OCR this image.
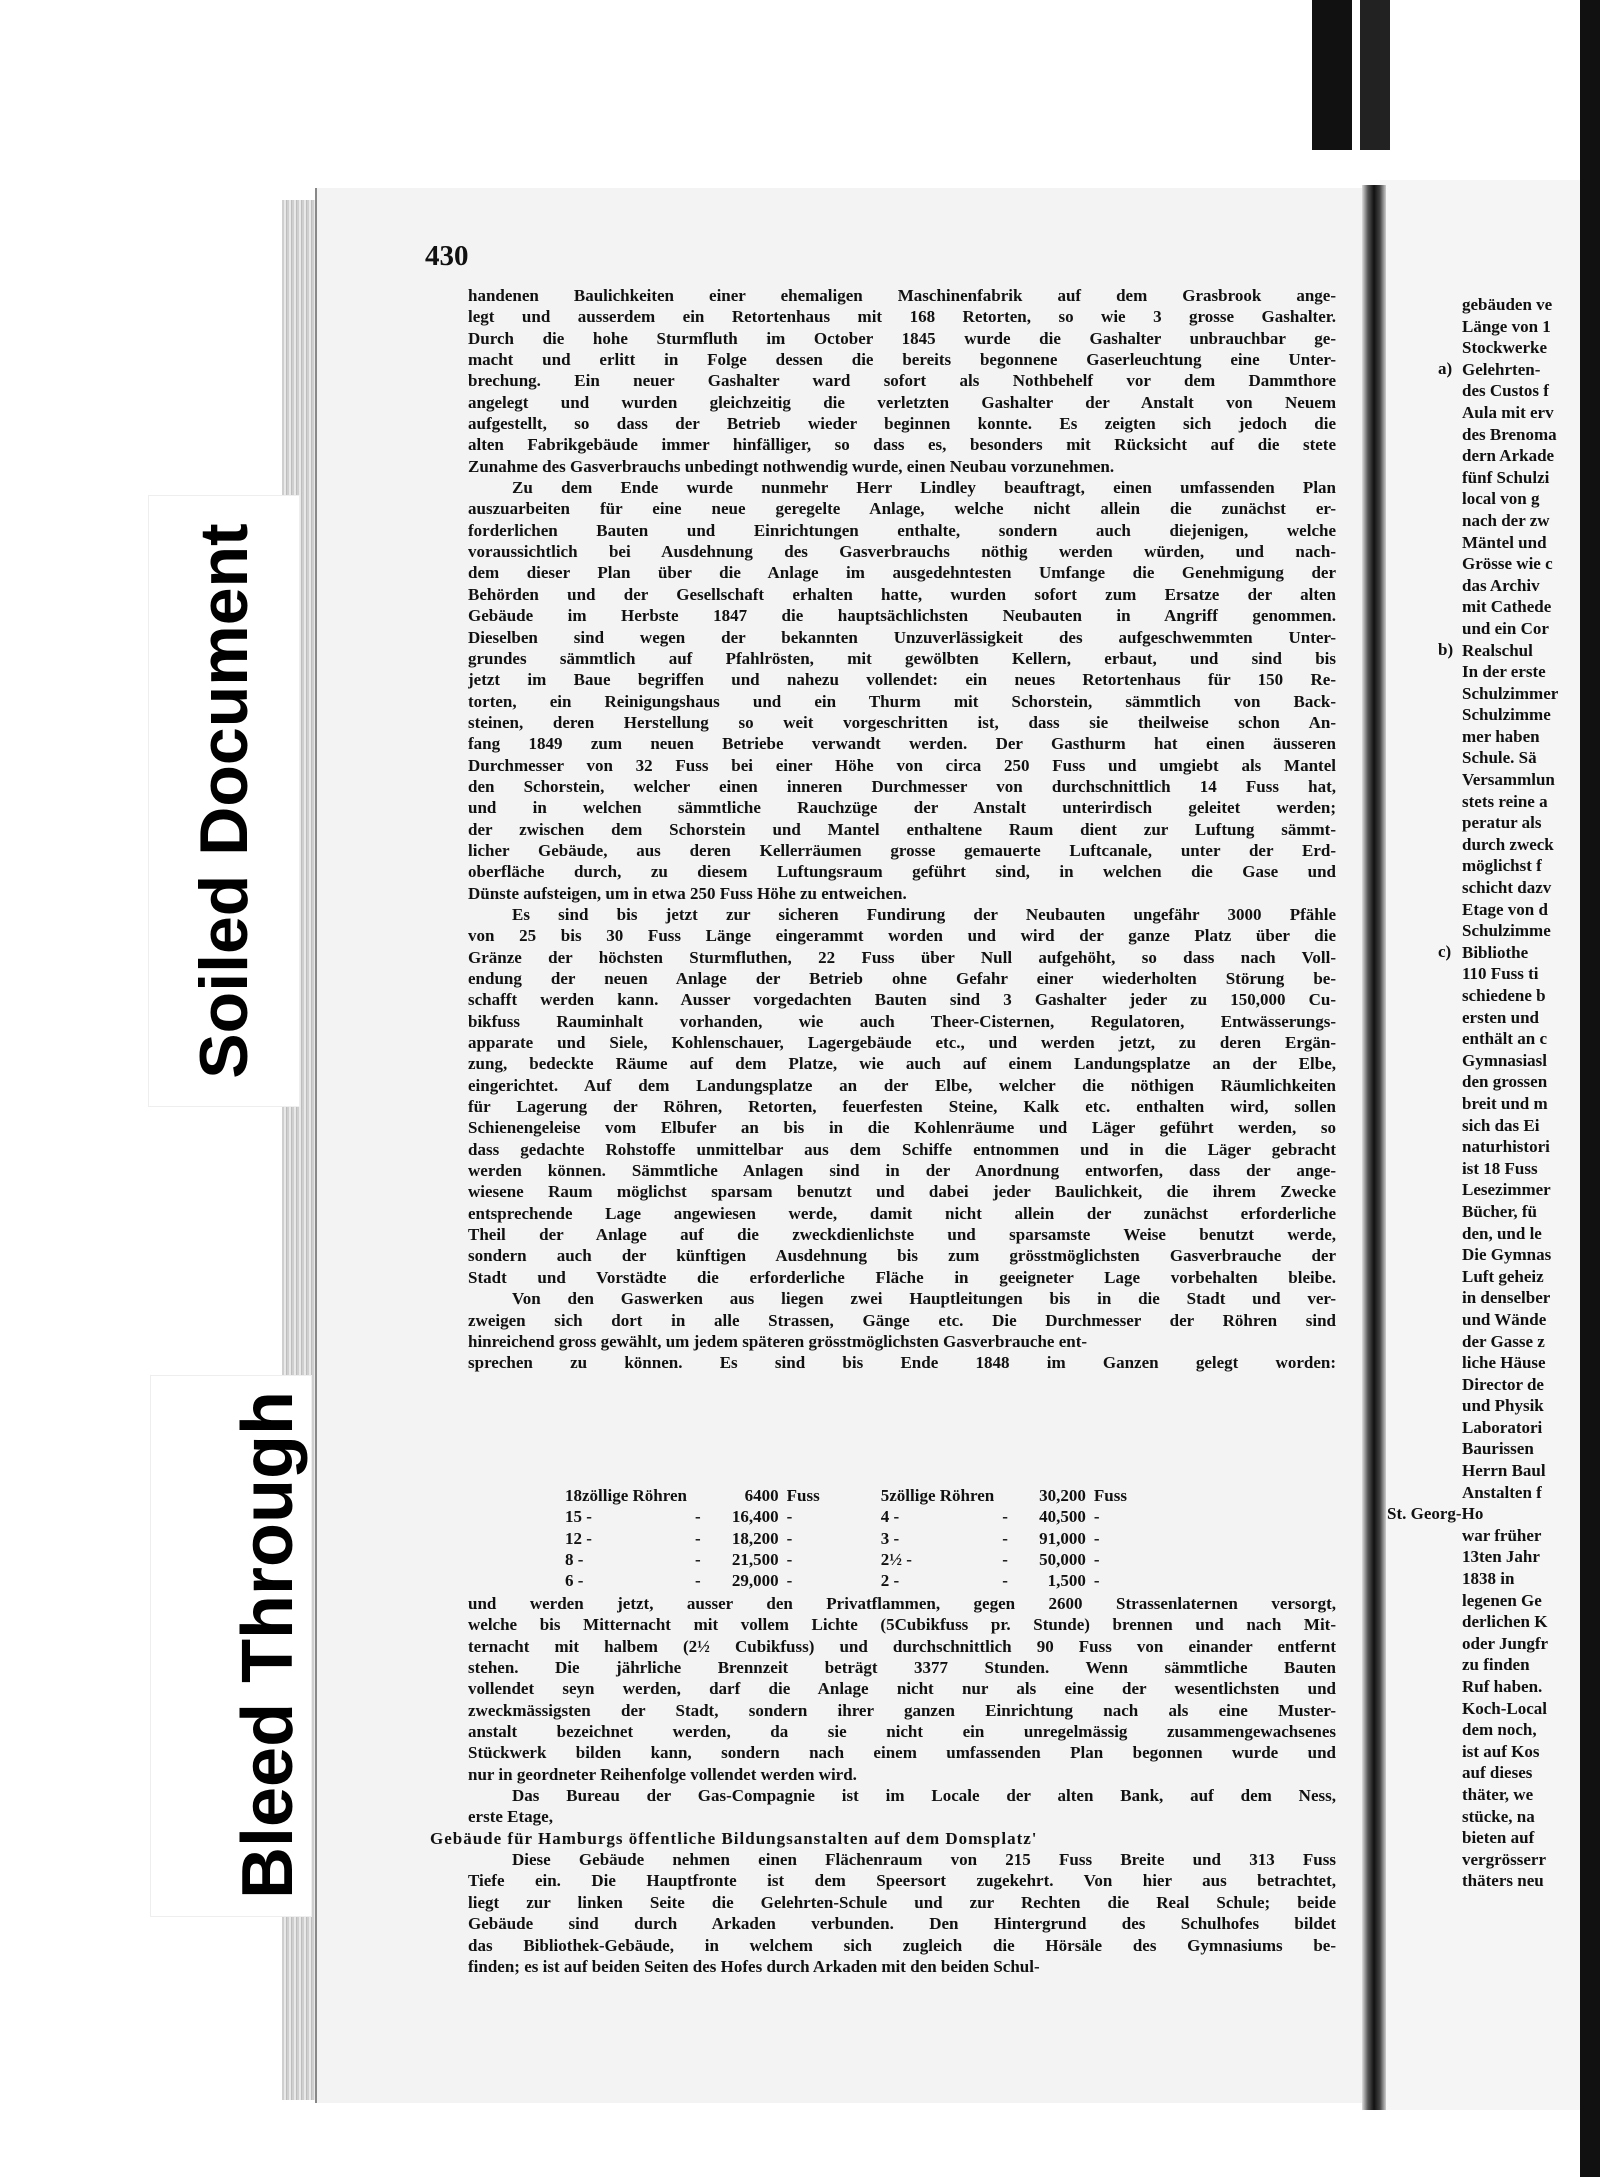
Soiled Document
Bleed Through
430
handenen Baulichkeiten einer ehemaligen Maschinenfabrik auf dem Grasbrook ange-
legt und ausserdem ein Retortenhaus mit 168 Retorten, so wie 3 grosse Gashalter.
Durch die hohe Sturmfluth im October 1845 wurde die Gashalter unbrauchbar ge-
macht und erlitt in Folge dessen die bereits begonnene Gaserleuchtung eine Unter-
brechung. Ein neuer Gashalter ward sofort als Nothbehelf vor dem Dammthore
angelegt und wurden gleichzeitig die verletzten Gashalter der Anstalt von Neuem
aufgestellt, so dass der Betrieb wieder beginnen konnte. Es zeigten sich jedoch die
alten Fabrikgebäude immer hinfälliger, so dass es, besonders mit Rücksicht auf die stete
Zunahme des Gasverbrauchs unbedingt nothwendig wurde, einen Neubau vorzunehmen.
Zu dem Ende wurde nunmehr Herr Lindley beauftragt, einen umfassenden Plan
auszuarbeiten für eine neue geregelte Anlage, welche nicht allein die zunächst er-
forderlichen Bauten und Einrichtungen enthalte, sondern auch diejenigen, welche
voraussichtlich bei Ausdehnung des Gasverbrauchs nöthig werden würden, und nach-
dem dieser Plan über die Anlage im ausgedehntesten Umfange die Genehmigung der
Behörden und der Gesellschaft erhalten hatte, wurden sofort zum Ersatze der alten
Gebäude im Herbste 1847 die hauptsächlichsten Neubauten in Angriff genommen.
Dieselben sind wegen der bekannten Unzuverlässigkeit des aufgeschwemmten Unter-
grundes sämmtlich auf Pfahlrösten, mit gewölbten Kellern, erbaut, und sind bis
jetzt im Baue begriffen und nahezu vollendet: ein neues Retortenhaus für 150 Re-
torten, ein Reinigungshaus und ein Thurm mit Schorstein, sämmtlich von Back-
steinen, deren Herstellung so weit vorgeschritten ist, dass sie theilweise schon An-
fang 1849 zum neuen Betriebe verwandt werden. Der Gasthurm hat einen äusseren
Durchmesser von 32 Fuss bei einer Höhe von circa 250 Fuss und umgiebt als Mantel
den Schorstein, welcher einen inneren Durchmesser von durchschnittlich 14 Fuss hat,
und in welchen sämmtliche Rauchzüge der Anstalt unterirdisch geleitet werden;
der zwischen dem Schorstein und Mantel enthaltene Raum dient zur Luftung sämmt-
licher Gebäude, aus deren Kellerräumen grosse gemauerte Luftcanale, unter der Erd-
oberfläche durch, zu diesem Luftungsraum geführt sind, in welchen die Gase und
Dünste aufsteigen, um in etwa 250 Fuss Höhe zu entweichen.
Es sind bis jetzt zur sicheren Fundirung der Neubauten ungefähr 3000 Pfähle
von 25 bis 30 Fuss Länge eingerammt worden und wird der ganze Platz über die
Gränze der höchsten Sturmfluthen, 22 Fuss über Null aufgehöht, so dass nach Voll-
endung der neuen Anlage der Betrieb ohne Gefahr einer wiederholten Störung be-
schafft werden kann. Ausser vorgedachten Bauten sind 3 Gashalter jeder zu 150,000 Cu-
bikfuss Rauminhalt vorhanden, wie auch Theer-Cisternen, Regulatoren, Entwässerungs-
apparate und Siele, Kohlenschauer, Lagergebäude etc., und werden jetzt, zu deren Ergän-
zung, bedeckte Räume auf dem Platze, wie auch auf einem Landungsplatze an der Elbe,
eingerichtet. Auf dem Landungsplatze an der Elbe, welcher die nöthigen Räumlichkeiten
für Lagerung der Röhren, Retorten, feuerfesten Steine, Kalk etc. enthalten wird, sollen
Schienengeleise vom Elbufer an bis in die Kohlenräume und Läger geführt werden, so
dass gedachte Rohstoffe unmittelbar aus dem Schiffe entnommen und in die Läger gebracht
werden können. Sämmtliche Anlagen sind in der Anordnung entworfen, dass der ange-
wiesene Raum möglichst sparsam benutzt und dabei jeder Baulichkeit, die ihrem Zwecke
entsprechende Lage angewiesen werde, damit nicht allein der zunächst erforderliche
Theil der Anlage auf die zweckdienlichste und sparsamste Weise benutzt werde,
sondern auch der künftigen Ausdehnung bis zum grösstmöglichsten Gasverbrauche der
Stadt und Vorstädte die erforderliche Fläche in geeigneter Lage vorbehalten bleibe.
Von den Gaswerken aus liegen zwei Hauptleitungen bis in die Stadt und ver-
zweigen sich dort in alle Strassen, Gänge etc. Die Durchmesser der Röhren sind
hinreichend gross gewählt, um jedem späteren grösstmöglichsten Gasverbrauche ent-
sprechen zu können. Es sind bis Ende 1848 im Ganzen gelegt worden:
18zöllige Röhren		6400	Fuss		5zöllige Röhren		30,200	Fuss
15 -	-	16,400	-		4 -	-	40,500	-
12 -	-	18,200	-		3 -	-	91,000	-
8 -	-	21,500	-		2½ -	-	50,000	-
6 -	-	29,000	-		2 -	-	1,500	-
und werden jetzt, ausser den Privatflammen, gegen 2600 Strassenlaternen versorgt,
welche bis Mitternacht mit vollem Lichte (5Cubikfuss pr. Stunde) brennen und nach Mit-
ternacht mit halbem (2½ Cubikfuss) und durchschnittlich 90 Fuss von einander entfernt
stehen. Die jährliche Brennzeit beträgt 3377 Stunden. Wenn sämmtliche Bauten
vollendet seyn werden, darf die Anlage nicht nur als eine der wesentlichsten und
zweckmässigsten der Stadt, sondern ihrer ganzen Einrichtung nach als eine Muster-
anstalt bezeichnet werden, da sie nicht ein unregelmässig zusammengewachsenes
Stückwerk bilden kann, sondern nach einem umfassenden Plan begonnen wurde und
nur in geordneter Reihenfolge vollendet werden wird.
Das Bureau der Gas-Compagnie ist im Locale der alten Bank, auf dem Ness,
erste Etage,
Gebäude für Hamburgs öffentliche Bildungsanstalten auf dem Domsplatz'
Diese Gebäude nehmen einen Flächenraum von 215 Fuss Breite und 313 Fuss
Tiefe ein. Die Hauptfronte ist dem Speersort zugekehrt. Von hier aus betrachtet,
liegt zur linken Seite die Gelehrten-Schule und zur Rechten die Real Schule; beide
Gebäude sind durch Arkaden verbunden. Den Hintergrund des Schulhofes bildet
das Bibliothek-Gebäude, in welchem sich zugleich die Hörsäle des Gymnasiums be-
finden; es ist auf beiden Seiten des Hofes durch Arkaden mit den beiden Schul-
gebäuden ve
Länge von 1
Stockwerke
Gelehrten-
des Custos f
Aula mit erv
des Brenoma
dern Arkade
fünf Schulzi
local von g
nach der zw
Mäntel und
Grösse wie c
das Archiv
mit Cathede
und ein Cor
Realschul
In der erste
Schulzimmer
Schulzimme
mer haben
Schule. Sä
Versammlun
stets reine a
peratur als
durch zweck
möglichst f
schicht dazv
Etage von d
Schulzimme
Bibliothe
110 Fuss ti
schiedene b
ersten und
enthält an c
Gymnasiasl
den grossen
breit und m
sich das Ei
naturhistori
ist 18 Fuss
Lesezimmer
Bücher, fü
den, und le
Die Gymnas
Luft geheiz
in denselber
und Wände
der Gasse z
liche Häuse
Director de
und Physik
Laboratori
Baurissen
Herrn Baul
Anstalten f
St. Georg-Ho
war früher
13ten Jahr
1838 in
legenen Ge
derlichen K
oder Jungfr
zu finden
Ruf haben.
Koch-Local
dem noch,
ist auf Kos
auf dieses
thäter, we
stücke, na
bieten auf
vergrösserr
thäters neu
a)
b)
c)
